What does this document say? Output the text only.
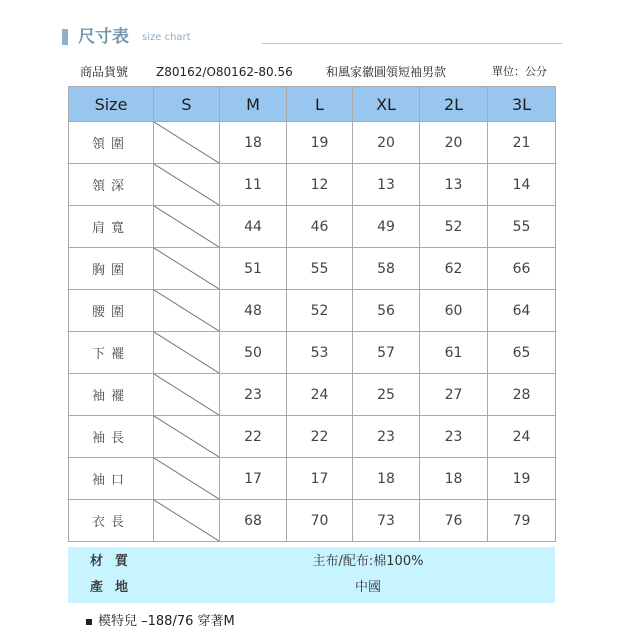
尺寸表 size chart
商品貨號 Z80162/O80162-80.56	和風家徽圓領短袖男款	單位：公分
Size	S	M	L	XL	2L	3L
領圍		18	19	20	20	21
領深		11	12	13	13	14
肩寬		44	46	49	52	55
胸圍		51	55	58	62	66
腰圍		48	52	56	60	64
下襬		50	53	57	61	65
袖襬		23	24	25	27	28
袖長		22	22	23	23	24
袖口		17	17	18	18	19
衣長		68	70	73	76	79
材質	主布/配布:棉100%
產地	中國
模特兒 –188/76 穿著M
